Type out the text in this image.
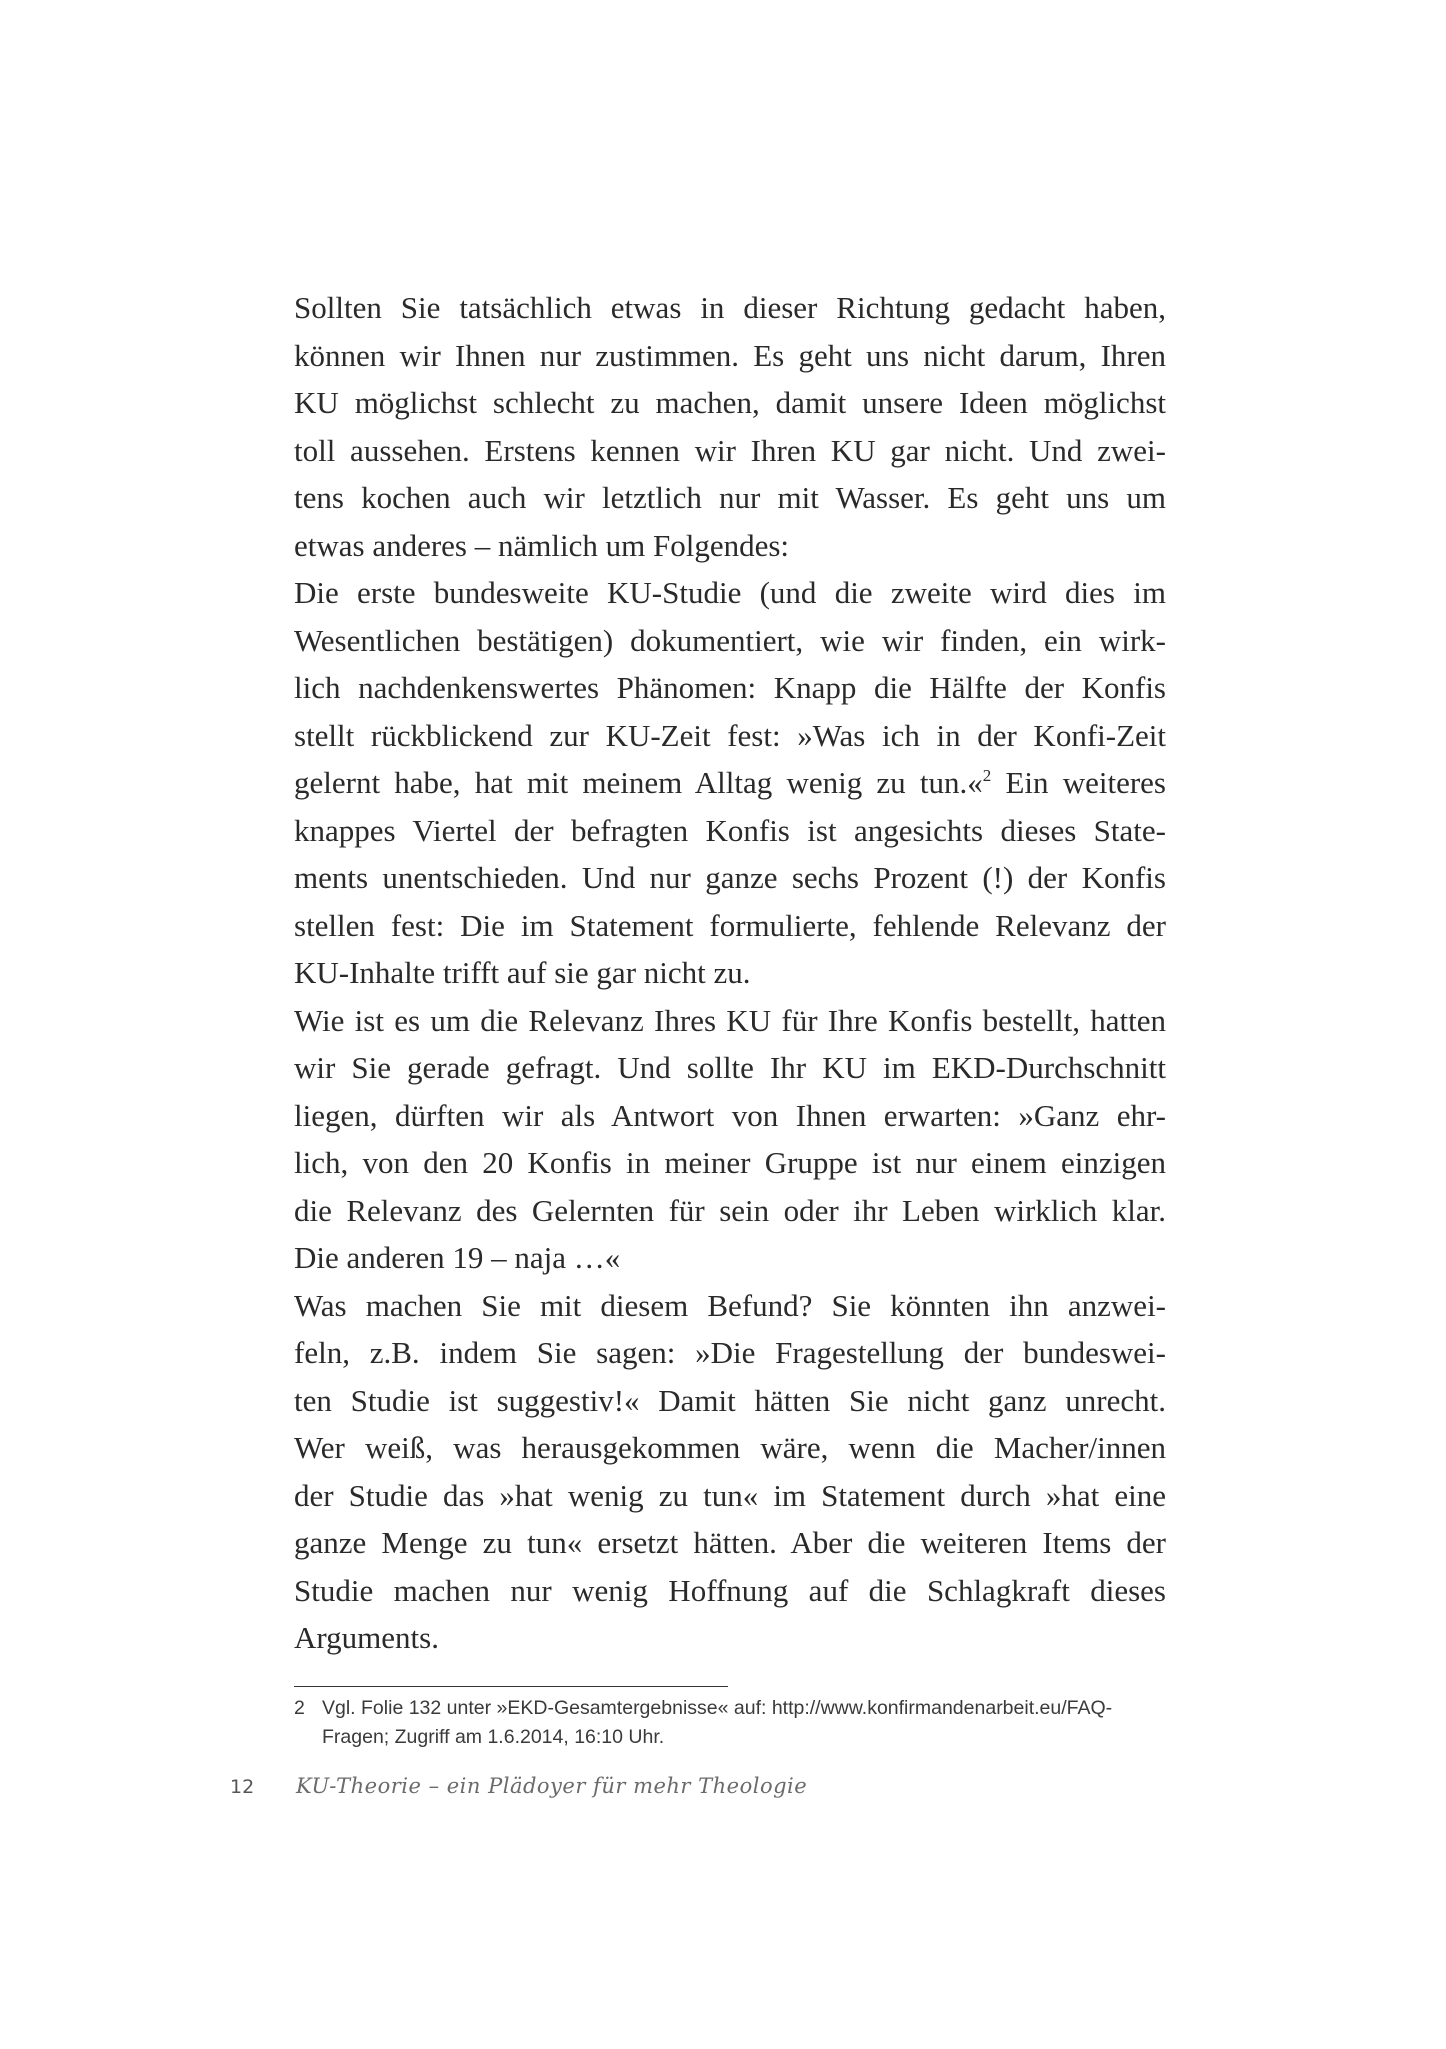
Sollten Sie tatsächlich etwas in dieser Richtung gedacht haben,
können wir Ihnen nur zustimmen. Es geht uns nicht darum, Ihren
KU möglichst schlecht zu machen, damit unsere Ideen möglichst
toll aussehen. Erstens kennen wir Ihren KU gar nicht. Und zwei-
tens kochen auch wir letztlich nur mit Wasser. Es geht uns um
etwas anderes – nämlich um Folgendes:
Die erste bundesweite KU-Studie (und die zweite wird dies im
Wesentlichen bestätigen) dokumentiert, wie wir finden, ein wirk-
lich nachdenkenswertes Phänomen: Knapp die Hälfte der Konfis
stellt rückblickend zur KU-Zeit fest: »Was ich in der Konfi-Zeit
gelernt habe, hat mit meinem Alltag wenig zu tun.«$^2$ Ein weiteres
knappes Viertel der befragten Konfis ist angesichts dieses State-
ments unentschieden. Und nur ganze sechs Prozent (!) der Konfis
stellen fest: Die im Statement formulierte, fehlende Relevanz der
KU-Inhalte trifft auf sie gar nicht zu.
Wie ist es um die Relevanz Ihres KU für Ihre Konfis bestellt, hatten
wir Sie gerade gefragt. Und sollte Ihr KU im EKD-Durchschnitt
liegen, dürften wir als Antwort von Ihnen erwarten: »Ganz ehr-
lich, von den 20 Konfis in meiner Gruppe ist nur einem einzigen
die Relevanz des Gelernten für sein oder ihr Leben wirklich klar.
Die anderen 19 – naja …«
Was machen Sie mit diesem Befund? Sie könnten ihn anzwei-
feln, z.B. indem Sie sagen: »Die Fragestellung der bundeswei-
ten Studie ist suggestiv!« Damit hätten Sie nicht ganz unrecht.
Wer weiß, was herausgekommen wäre, wenn die Macher/innen
der Studie das »hat wenig zu tun« im Statement durch »hat eine
ganze Menge zu tun« ersetzt hätten. Aber die weiteren Items der
Studie machen nur wenig Hoffnung auf die Schlagkraft dieses
Arguments.
2 Vgl. Folie 132 unter »EKD-Gesamtergebnisse« auf: http://www.konfirmandenarbeit.eu/FAQ-
Fragen; Zugriff am 1.6.2014, 16:10 Uhr.
12 KU-Theorie – ein Plädoyer für mehr Theologie
